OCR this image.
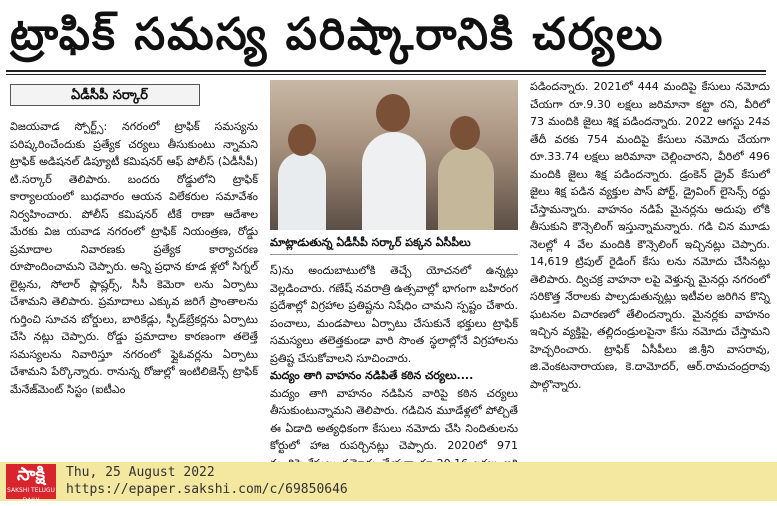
ట్రాఫిక్ సమస్య పరిష్కారానికి చర్యలు
ఏడీసీపీ సర్కార్

విజయవాడ స్పోర్ట్స్: నగరంలో ట్రాఫిక్ సమస్యను పరిష్కరించేందుకు ప్రత్యేక చర్యలు తీసుకుంటు న్నామని ట్రాఫిక్ అడిషనల్ డిప్యూటీ కమిషనర్ ఆఫ్ పోలీస్ (ఏడీసీపీ) టి.సర్కార్ తెలిపారు. బందరు రోడ్డులోని ట్రాఫిక్ కార్యాలయంలో బుధవారం ఆయన విలేకరుల సమావేశం నిర్వహించారు. పోలీస్ కమిషనర్ టీకే రాణా ఆదేశాల మేరకు విజ యవాడ నగరంలో ట్రాఫిక్ నియంత్రణ, రోడ్డు ప్రమాదాల నివారణకు ప్రత్యేక కార్యాచరణ రూపొందించామని చెప్పారు. అన్ని ప్రధాన కూడ ళ్లలో సిగ్నల్ లైట్లను, సోలార్ ప్లాష్లర్స్, సీసీ కెమెరా లను ఏర్పాటు చేశామని తెలిపారు. ప్రమాదాలు ఎక్కువ జరిగే ప్రాంతాలను గుర్తించి సూచన బోర్డులు, బారికేడ్లు, స్పీడ్‌బ్రేకర్లను ఏర్పాటు చేసి నట్లు చెప్పారు. రోడ్డు ప్రమాదాల కారణంగా తలెత్తే సమస్యలను నివారిస్తూ నగరంలో ఫ్లైఓవర్లను ఏర్పాటు చేశామని పేర్కొన్నారు. రానున్న రోజుల్లో ఇంటిలిజెన్స్ ట్రాఫిక్ మేనేజ్‌మెంట్ సిస్టం (ఐటీఎం

మాట్లాడుతున్న ఏడీసీపీ సర్కార్ పక్కన ఏసీపీలు

స్)ను అందుబాటులోకి తెచ్చే యోచనలో ఉన్నట్లు వెల్లడించారు. గణేష్ నవరాత్రి ఉత్సవాల్లో భాగంగా బహిరంగ ప్రదేశాల్లో విగ్రహాల ప్రతిష్టను నిషేధిం చామని స్పష్టం చేశారు. పంచాలు, మండపాలు ఏర్పాటు చేసుకునే భక్తులు ట్రాఫిక్ సమస్యలు తలెత్తకుండా వారి సొంత స్థలాల్లోనే విగ్రహాలను ప్రతిష్ట చేసుకోవాలని సూచించారు.

మద్యం తాగి వాహనం నడిపితే కఠిన చర్యలు....

మద్యం తాగి వాహనం నడిపిన వారిపై కఠిన చర్యలు తీసుకుంటున్నామని తెలిపారు. గడిచిన మూడేళ్లలో పోల్చితే ఈ ఏడాది అత్యధికంగా కేసులు నమోదు చేసి నిందితులను కోర్టులో హాజ రుపర్చినట్లు చెప్పారు. 2020లో 971

పడిందన్నారు. 2021లో 444 మందిపై కేసులు నమోదు చేయగా రూ.9.30 లక్షలు జరిమానా కట్టా రని, వీరిలో 73 మందికి జైలు శిక్ష పడిందన్నారు. 2022 ఆగస్టు 24వ తేదీ వరకు 754 మందిపై కేసులు నమోదు చేయగా రూ.33.74 లక్షలు జరిమానా చెల్లించారని, వీరిలో 496 మందికి జైలు శిక్ష పడిందన్నారు. డ్రంకెన్ డ్రైవ్ కేసులో జైలు శిక్ష పడిన వ్యక్తుల పాస్ పోర్ట్, డ్రైవింగ్ లైసెన్స్ రద్దు చేస్తామన్నారు. వాహనం నడిపే మైనర్లను అదుపు లోకి తీసుకుని కౌన్సెలింగ్ ఇస్తున్నామన్నారు. గడి చిన మూడు నెలల్లో 4 వేల మందికి కౌన్సెలింగ్ ఇచ్చినట్లు చెప్పారు. 14,619 ట్రిపుల్ రైడింగ్ కేసు లను నమోదు చేసినట్లు తెలిపారు. ద్విచక్ర వాహనా లపై వెళ్తున్న మైనర్లు నగరంలో సరికొత్త నేరాలకు పాల్పడుతున్నట్లు ఇటీవల జరిగిన కొన్ని ఘటనల విచారణలో తేలిందన్నారు. మైనర్లకు వాహనం ఇచ్చిన వ్యక్తిపై, తల్లిదండ్రులపైనా కేసు నమోదు చేస్తామని హెచ్చరించారు. ట్రాఫిక్ ఏసీపీలు జి.శ్రీని వాసరావు, జి.వెంకటనారాయణ, కె.దామోదర్, ఆర్.రామచంద్రరావు పాల్గొన్నారు.

సాక్షి
SAKSHI TELUGU DAILY
Thu, 25 August 2022
https://epaper.sakshi.com/c/69850646
